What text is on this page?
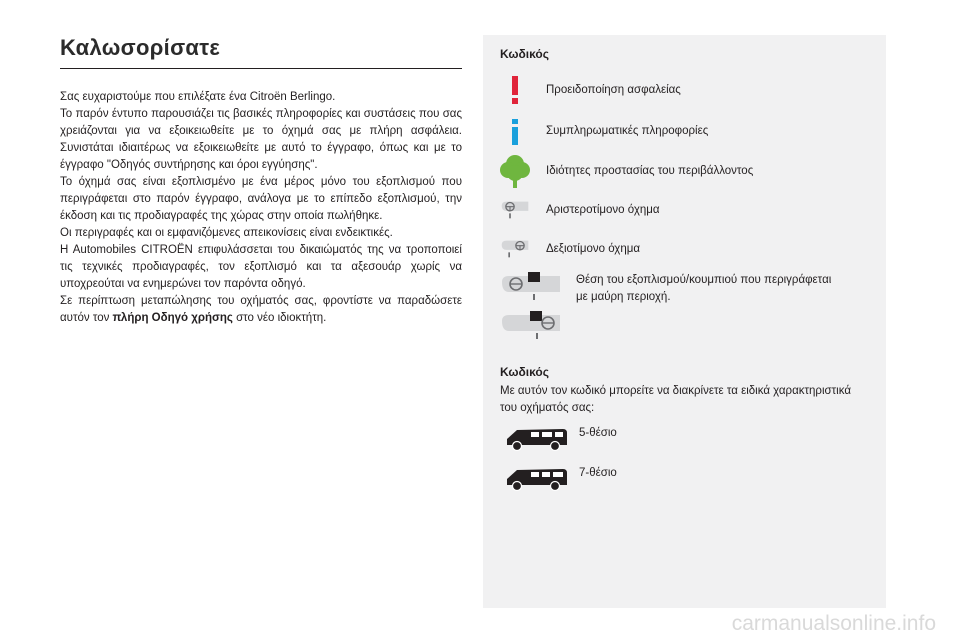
Καλωσορίσατε

Σας ευχαριστούμε που επιλέξατε ένα Citroën Berlingo.

Το παρόν έντυπο παρουσιάζει τις βασικές πληροφορίες και συστάσεις που σας χρειάζονται για να εξοικειωθείτε με το όχημά σας με πλήρη ασφάλεια. Συνιστάται ιδιαιτέρως να εξοικειωθείτε με αυτό το έγγραφο, όπως και με το έγγραφο "Οδηγός συντήρησης και όροι εγγύησης".

Το όχημά σας είναι εξοπλισμένο με ένα μέρος μόνο του εξοπλισμού που περιγράφεται στο παρόν έγγραφο, ανάλογα με το επίπεδο εξοπλισμού, την έκδοση και τις προδιαγραφές της χώρας στην οποία πωλήθηκε.

Οι περιγραφές και οι εμφανιζόμενες απεικονίσεις είναι ενδεικτικές.

H Automobiles CITROËN επιφυλάσσεται του δικαιώματός της να τροποποιεί τις τεχνικές προδιαγραφές, τον εξοπλισμό και τα αξεσουάρ χωρίς να υποχρεούται να ενημερώνει τον παρόντα οδηγό.

Σε περίπτωση μεταπώλησης του οχήματός σας, φροντίστε να παραδώσετε αυτόν τον πλήρη Οδηγό χρήσης στο νέο ιδιοκτήτη.

Κωδικός
Προειδοποίηση ασφαλείας
Συμπληρωματικές πληροφορίες
Ιδιότητες προστασίας του περιβάλλοντος
Αριστεροτίμονο όχημα
Δεξιοτίμονο όχημα
Θέση του εξοπλισμού/κουμπιού που περιγράφεται με μαύρη περιοχή.
Κωδικός
Με αυτόν τον κωδικό μπορείτε να διακρίνετε τα ειδικά χαρακτηριστικά του οχήματός σας:
5-θέσιο
7-θέσιο
carmanualsonline.info
